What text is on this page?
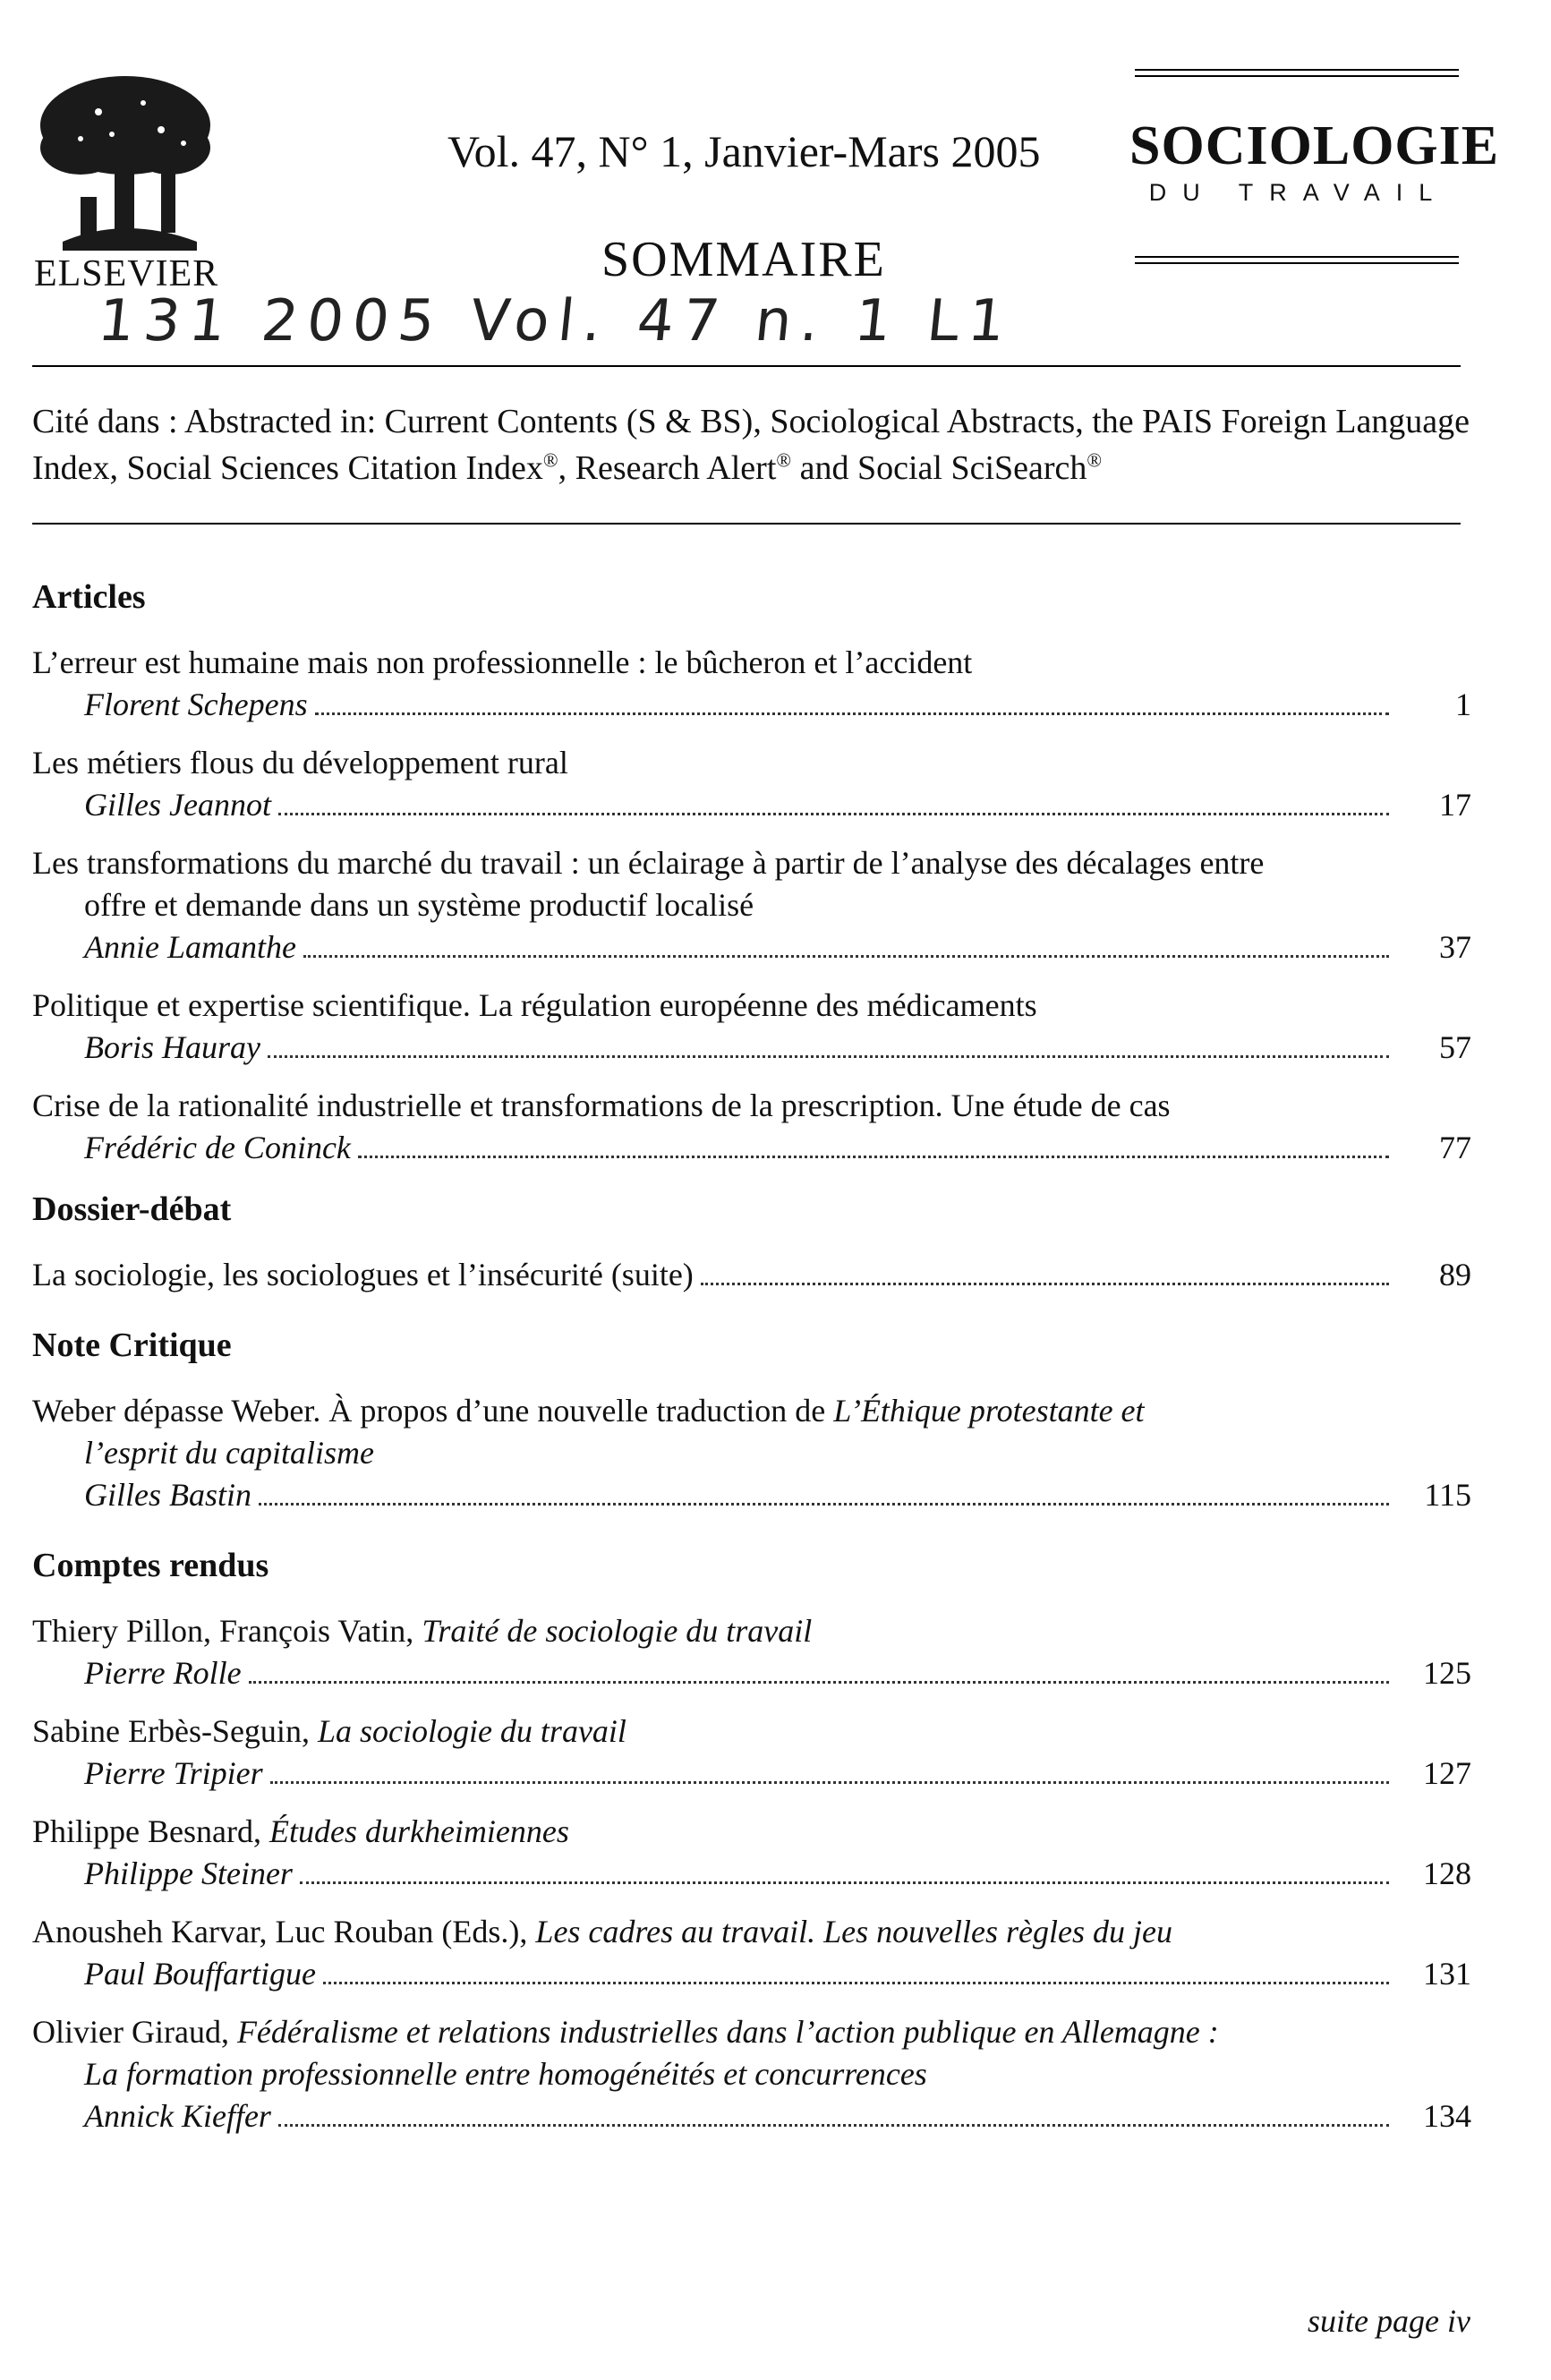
ELSEVIER
Vol. 47, N° 1, Janvier-Mars 2005
SOMMAIRE
SOCIOLOGIE
DU TRAVAIL
131 2005 Vol. 47 n. 1 L1
Cité dans : Abstracted in: Current Contents (S & BS), Sociological Abstracts, the PAIS Foreign Language Index, Social Sciences Citation Index®, Research Alert® and Social SciSearch®
Articles
L’erreur est humaine mais non professionnelle : le bûcheron et l’accident
Florent Schepens	1
Les métiers flous du développement rural
Gilles Jeannot	17
Les transformations du marché du travail : un éclairage à partir de l’analyse des décalages entre
offre et demande dans un système productif localisé
Annie Lamanthe	37
Politique et expertise scientifique. La régulation européenne des médicaments
Boris Hauray	57
Crise de la rationalité industrielle et transformations de la prescription. Une étude de cas
Frédéric de Coninck	77
Dossier-débat
La sociologie, les sociologues et l’insécurité (suite)	89
Note Critique
Weber dépasse Weber. À propos d’une nouvelle traduction de L’Éthique protestante et
l’esprit du capitalisme
Gilles Bastin	115
Comptes rendus
Thiery Pillon, François Vatin, Traité de sociologie du travail
Pierre Rolle	125
Sabine Erbès-Seguin, La sociologie du travail
Pierre Tripier	127
Philippe Besnard, Études durkheimiennes
Philippe Steiner	128
Anousheh Karvar, Luc Rouban (Eds.), Les cadres au travail. Les nouvelles règles du jeu
Paul Bouffartigue	131
Olivier Giraud, Fédéralisme et relations industrielles dans l’action publique en Allemagne :
La formation professionnelle entre homogénéités et concurrences
Annick Kieffer	134
suite page iv
